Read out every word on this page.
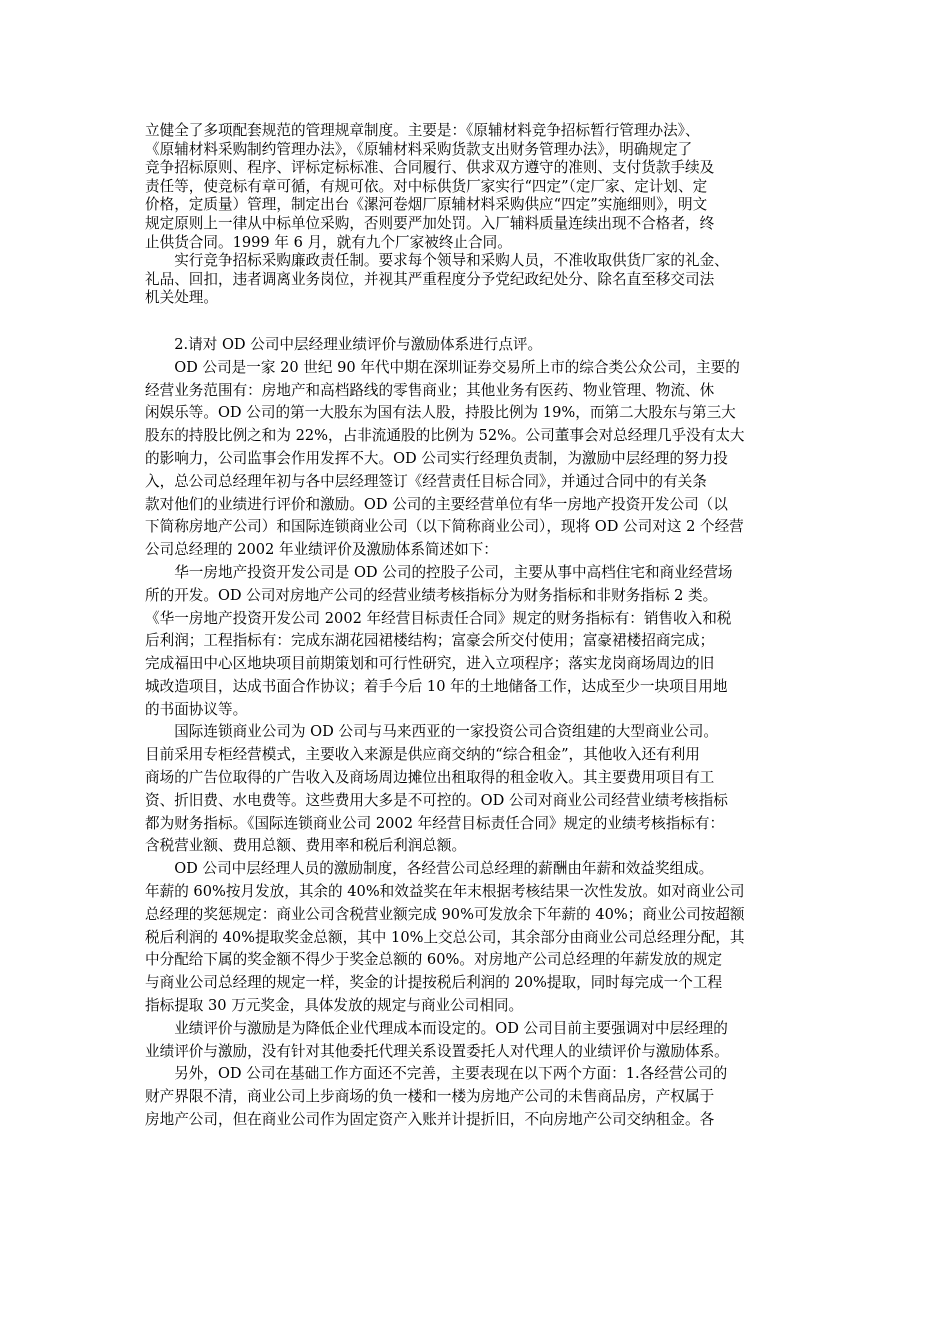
立健全了多项配套规范的管理规章制度。主要是：《原辅材料竞争招标暂行管理办法》、
《原辅材料采购制约管理办法》，《原辅材料采购货款支出财务管理办法》，明确规定了
竞争招标原则、程序、评标定标标准、合同履行、供求双方遵守的准则、支付货款手续及
责任等，使竞标有章可循，有规可依。对中标供货厂家实行“四定”（定厂家、定计划、定
价格，定质量）管理，制定出台《漯河卷烟厂原辅材料采购供应“四定”实施细则》，明文
规定原则上一律从中标单位采购，否则要严加处罚。入厂辅料质量连续出现不合格者，终
止供货合同。1999 年 6 月，就有九个厂家被终止合同。
　　实行竞争招标采购廉政责任制。要求每个领导和采购人员，不准收取供货厂家的礼金、
礼品、回扣，违者调离业务岗位，并视其严重程度分予党纪政纪处分、除名直至移交司法
机关处理。
　　2.请对 OD 公司中层经理业绩评价与激励体系进行点评。
　　OD 公司是一家 20 世纪 90 年代中期在深圳证券交易所上市的综合类公众公司，主要的
经营业务范围有：房地产和高档路线的零售商业；其他业务有医药、物业管理、物流、休
闲娱乐等。OD 公司的第一大股东为国有法人股，持股比例为 19%，而第二大股东与第三大
股东的持股比例之和为 22%，占非流通股的比例为 52%。公司董事会对总经理几乎没有太大
的影响力，公司监事会作用发挥不大。OD 公司实行经理负责制，为激励中层经理的努力投
入，总公司总经理年初与各中层经理签订《经营责任目标合同》，并通过合同中的有关条
款对他们的业绩进行评价和激励。OD 公司的主要经营单位有华一房地产投资开发公司（以
下简称房地产公司）和国际连锁商业公司（以下简称商业公司），现将 OD 公司对这 2 个经营
公司总经理的 2002 年业绩评价及激励体系简述如下：
　　华一房地产投资开发公司是 OD 公司的控股子公司，主要从事中高档住宅和商业经营场
所的开发。OD 公司对房地产公司的经营业绩考核指标分为财务指标和非财务指标 2 类。
《华一房地产投资开发公司 2002 年经营目标责任合同》规定的财务指标有：销售收入和税
后利润；工程指标有：完成东湖花园裙楼结构；富豪会所交付使用；富豪裙楼招商完成；
完成福田中心区地块项目前期策划和可行性研究，进入立项程序；落实龙岗商场周边的旧
城改造项目，达成书面合作协议；着手今后 10 年的土地储备工作，达成至少一块项目用地
的书面协议等。
　　国际连锁商业公司为 OD 公司与马来西亚的一家投资公司合资组建的大型商业公司。
目前采用专柜经营模式，主要收入来源是供应商交纳的“综合租金”，其他收入还有利用
商场的广告位取得的广告收入及商场周边摊位出租取得的租金收入。其主要费用项目有工
资、折旧费、水电费等。这些费用大多是不可控的。OD 公司对商业公司经营业绩考核指标
都为财务指标。《国际连锁商业公司 2002 年经营目标责任合同》规定的业绩考核指标有：
含税营业额、费用总额、费用率和税后利润总额。
　　OD 公司中层经理人员的激励制度，各经营公司总经理的薪酬由年薪和效益奖组成。
年薪的 60%按月发放，其余的 40%和效益奖在年末根据考核结果一次性发放。如对商业公司
总经理的奖惩规定：商业公司含税营业额完成 90%可发放余下年薪的 40%；商业公司按超额
税后利润的 40%提取奖金总额，其中 10%上交总公司，其余部分由商业公司总经理分配，其
中分配给下属的奖金额不得少于奖金总额的 60%。对房地产公司总经理的年薪发放的规定
与商业公司总经理的规定一样，奖金的计提按税后利润的 20%提取，同时每完成一个工程
指标提取 30 万元奖金，具体发放的规定与商业公司相同。
　　业绩评价与激励是为降低企业代理成本而设定的。OD 公司目前主要强调对中层经理的
业绩评价与激励，没有针对其他委托代理关系设置委托人对代理人的业绩评价与激励体系。
　　另外，OD 公司在基础工作方面还不完善，主要表现在以下两个方面：1.各经营公司的
财产界限不清，商业公司上步商场的负一楼和一楼为房地产公司的未售商品房，产权属于
房地产公司，但在商业公司作为固定资产入账并计提折旧，不向房地产公司交纳租金。各
